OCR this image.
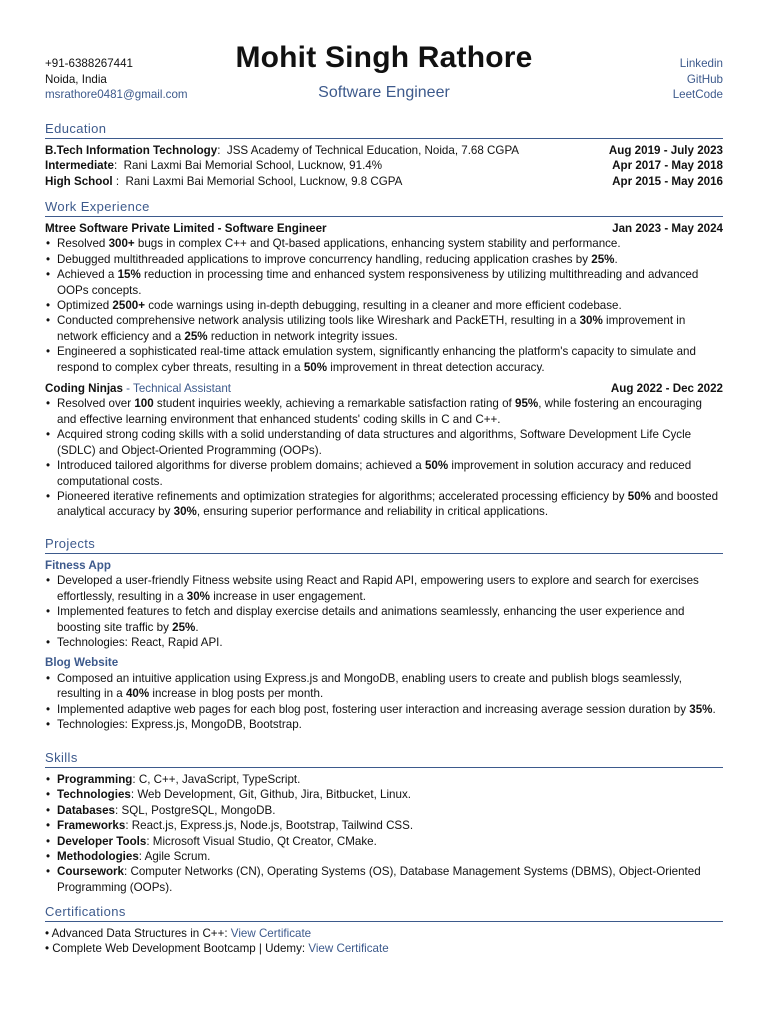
+91-6388267441
Noida, India
msrathore0481@gmail.com
Mohit Singh Rathore
Software Engineer
Linkedin
GitHub
LeetCode
Education
B.Tech Information Technology: JSS Academy of Technical Education, Noida, 7.68 CGPA	Aug 2019 - July 2023
Intermediate: Rani Laxmi Bai Memorial School, Lucknow, 91.4%	Apr 2017 - May 2018
High School : Rani Laxmi Bai Memorial School, Lucknow, 9.8 CGPA	Apr 2015 - May 2016
Work Experience
Mtree Software Private Limited - Software Engineer	Jan 2023 - May 2024
• Resolved 300+ bugs in complex C++ and Qt-based applications, enhancing system stability and performance.
• Debugged multithreaded applications to improve concurrency handling, reducing application crashes by 25%.
• Achieved a 15% reduction in processing time and enhanced system responsiveness by utilizing multithreading and advanced OOPs concepts.
• Optimized 2500+ code warnings using in-depth debugging, resulting in a cleaner and more efficient codebase.
• Conducted comprehensive network analysis utilizing tools like Wireshark and PackETH, resulting in a 30% improvement in network efficiency and a 25% reduction in network integrity issues.
• Engineered a sophisticated real-time attack emulation system, significantly enhancing the platform's capacity to simulate and respond to complex cyber threats, resulting in a 50% improvement in threat detection accuracy.
Coding Ninjas - Technical Assistant	Aug 2022 - Dec 2022
• Resolved over 100 student inquiries weekly, achieving a remarkable satisfaction rating of 95%, while fostering an encouraging and effective learning environment that enhanced students' coding skills in C and C++.
• Acquired strong coding skills with a solid understanding of data structures and algorithms, Software Development Life Cycle (SDLC) and Object-Oriented Programming (OOPs).
• Introduced tailored algorithms for diverse problem domains; achieved a 50% improvement in solution accuracy and reduced computational costs.
• Pioneered iterative refinements and optimization strategies for algorithms; accelerated processing efficiency by 50% and boosted analytical accuracy by 30%, ensuring superior performance and reliability in critical applications.
Projects
Fitness App
• Developed a user-friendly Fitness website using React and Rapid API, empowering users to explore and search for exercises effortlessly, resulting in a 30% increase in user engagement.
• Implemented features to fetch and display exercise details and animations seamlessly, enhancing the user experience and boosting site traffic by 25%.
• Technologies: React, Rapid API.
Blog Website
• Composed an intuitive application using Express.js and MongoDB, enabling users to create and publish blogs seamlessly, resulting in a 40% increase in blog posts per month.
• Implemented adaptive web pages for each blog post, fostering user interaction and increasing average session duration by 35%.
• Technologies: Express.js, MongoDB, Bootstrap.
Skills
• Programming: C, C++, JavaScript, TypeScript.
• Technologies: Web Development, Git, Github, Jira, Bitbucket, Linux.
• Databases: SQL, PostgreSQL, MongoDB.
• Frameworks: React.js, Express.js, Node.js, Bootstrap, Tailwind CSS.
• Developer Tools: Microsoft Visual Studio, Qt Creator, CMake.
• Methodologies: Agile Scrum.
• Coursework: Computer Networks (CN), Operating Systems (OS), Database Management Systems (DBMS), Object-Oriented Programming (OOPs).
Certifications
• Advanced Data Structures in C++: View Certificate
• Complete Web Development Bootcamp | Udemy: View Certificate
